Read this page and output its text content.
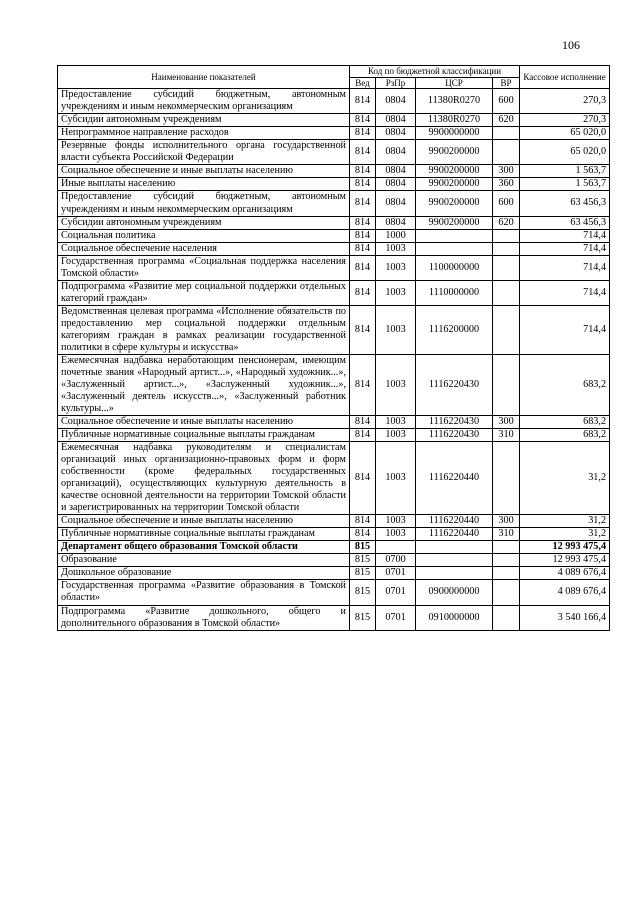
106
Наименование показателей	Код по бюджетной классификации				Кассовое исполнение
	Вед	РзПр	ЦСР	ВР	
Предоставление субсидий бюджетным, автономным учреждениям и иным некоммерческим организациям	814	0804	11380R0270	600	270,3
Субсидии автономным учреждениям	814	0804	11380R0270	620	270,3
Непрограммное направление расходов	814	0804	9900000000		65 020,0
Резервные фонды исполнительного органа государственной власти субъекта Российской Федерации	814	0804	9900200000		65 020,0
Социальное обеспечение и иные выплаты населению	814	0804	9900200000	300	1 563,7
Иные выплаты населению	814	0804	9900200000	360	1 563,7
Предоставление субсидий бюджетным, автономным учреждениям и иным некоммерческим организациям	814	0804	9900200000	600	63 456,3
Субсидии автономным учреждениям	814	0804	9900200000	620	63 456,3
Социальная политика	814	1000			714,4
Социальное обеспечение населения	814	1003			714,4
Государственная программа «Социальная поддержка населения Томской области»	814	1003	1100000000		714,4
Подпрограмма «Развитие мер социальной поддержки отдельных категорий граждан»	814	1003	1110000000		714,4
Ведомственная целевая программа «Исполнение обязательств по предоставлению мер социальной поддержки отдельным категориям граждан в рамках реализации государственной политики в сфере культуры и искусства»	814	1003	1116200000		714,4
Ежемесячная надбавка неработающим пенсионерам, имеющим почетные звания «Народный артист...», «Народный художник...», «Заслуженный артист...», «Заслуженный художник...», «Заслуженный деятель искусств...», «Заслуженный работник культуры...»	814	1003	1116220430		683,2
Социальное обеспечение и иные выплаты населению	814	1003	1116220430	300	683,2
Публичные нормативные социальные выплаты гражданам	814	1003	1116220430	310	683,2
Ежемесячная надбавка руководителям и специалистам организаций иных организационно-правовых форм и форм собственности (кроме федеральных государственных организаций), осуществляющих культурную деятельность в качестве основной деятельности на территории Томской области и зарегистрированных на территории Томской области	814	1003	1116220440		31,2
Социальное обеспечение и иные выплаты населению	814	1003	1116220440	300	31,2
Публичные нормативные социальные выплаты гражданам	814	1003	1116220440	310	31,2
Департамент общего образования Томской области	815				12 993 475,4
Образование	815	0700			12 993 475,4
Дошкольное образование	815	0701			4 089 676,4
Государственная программа «Развитие образования в Томской области»	815	0701	0900000000		4 089 676,4
Подпрограмма «Развитие дошкольного, общего и дополнительного образования в Томской области»	815	0701	0910000000		3 540 166,4
